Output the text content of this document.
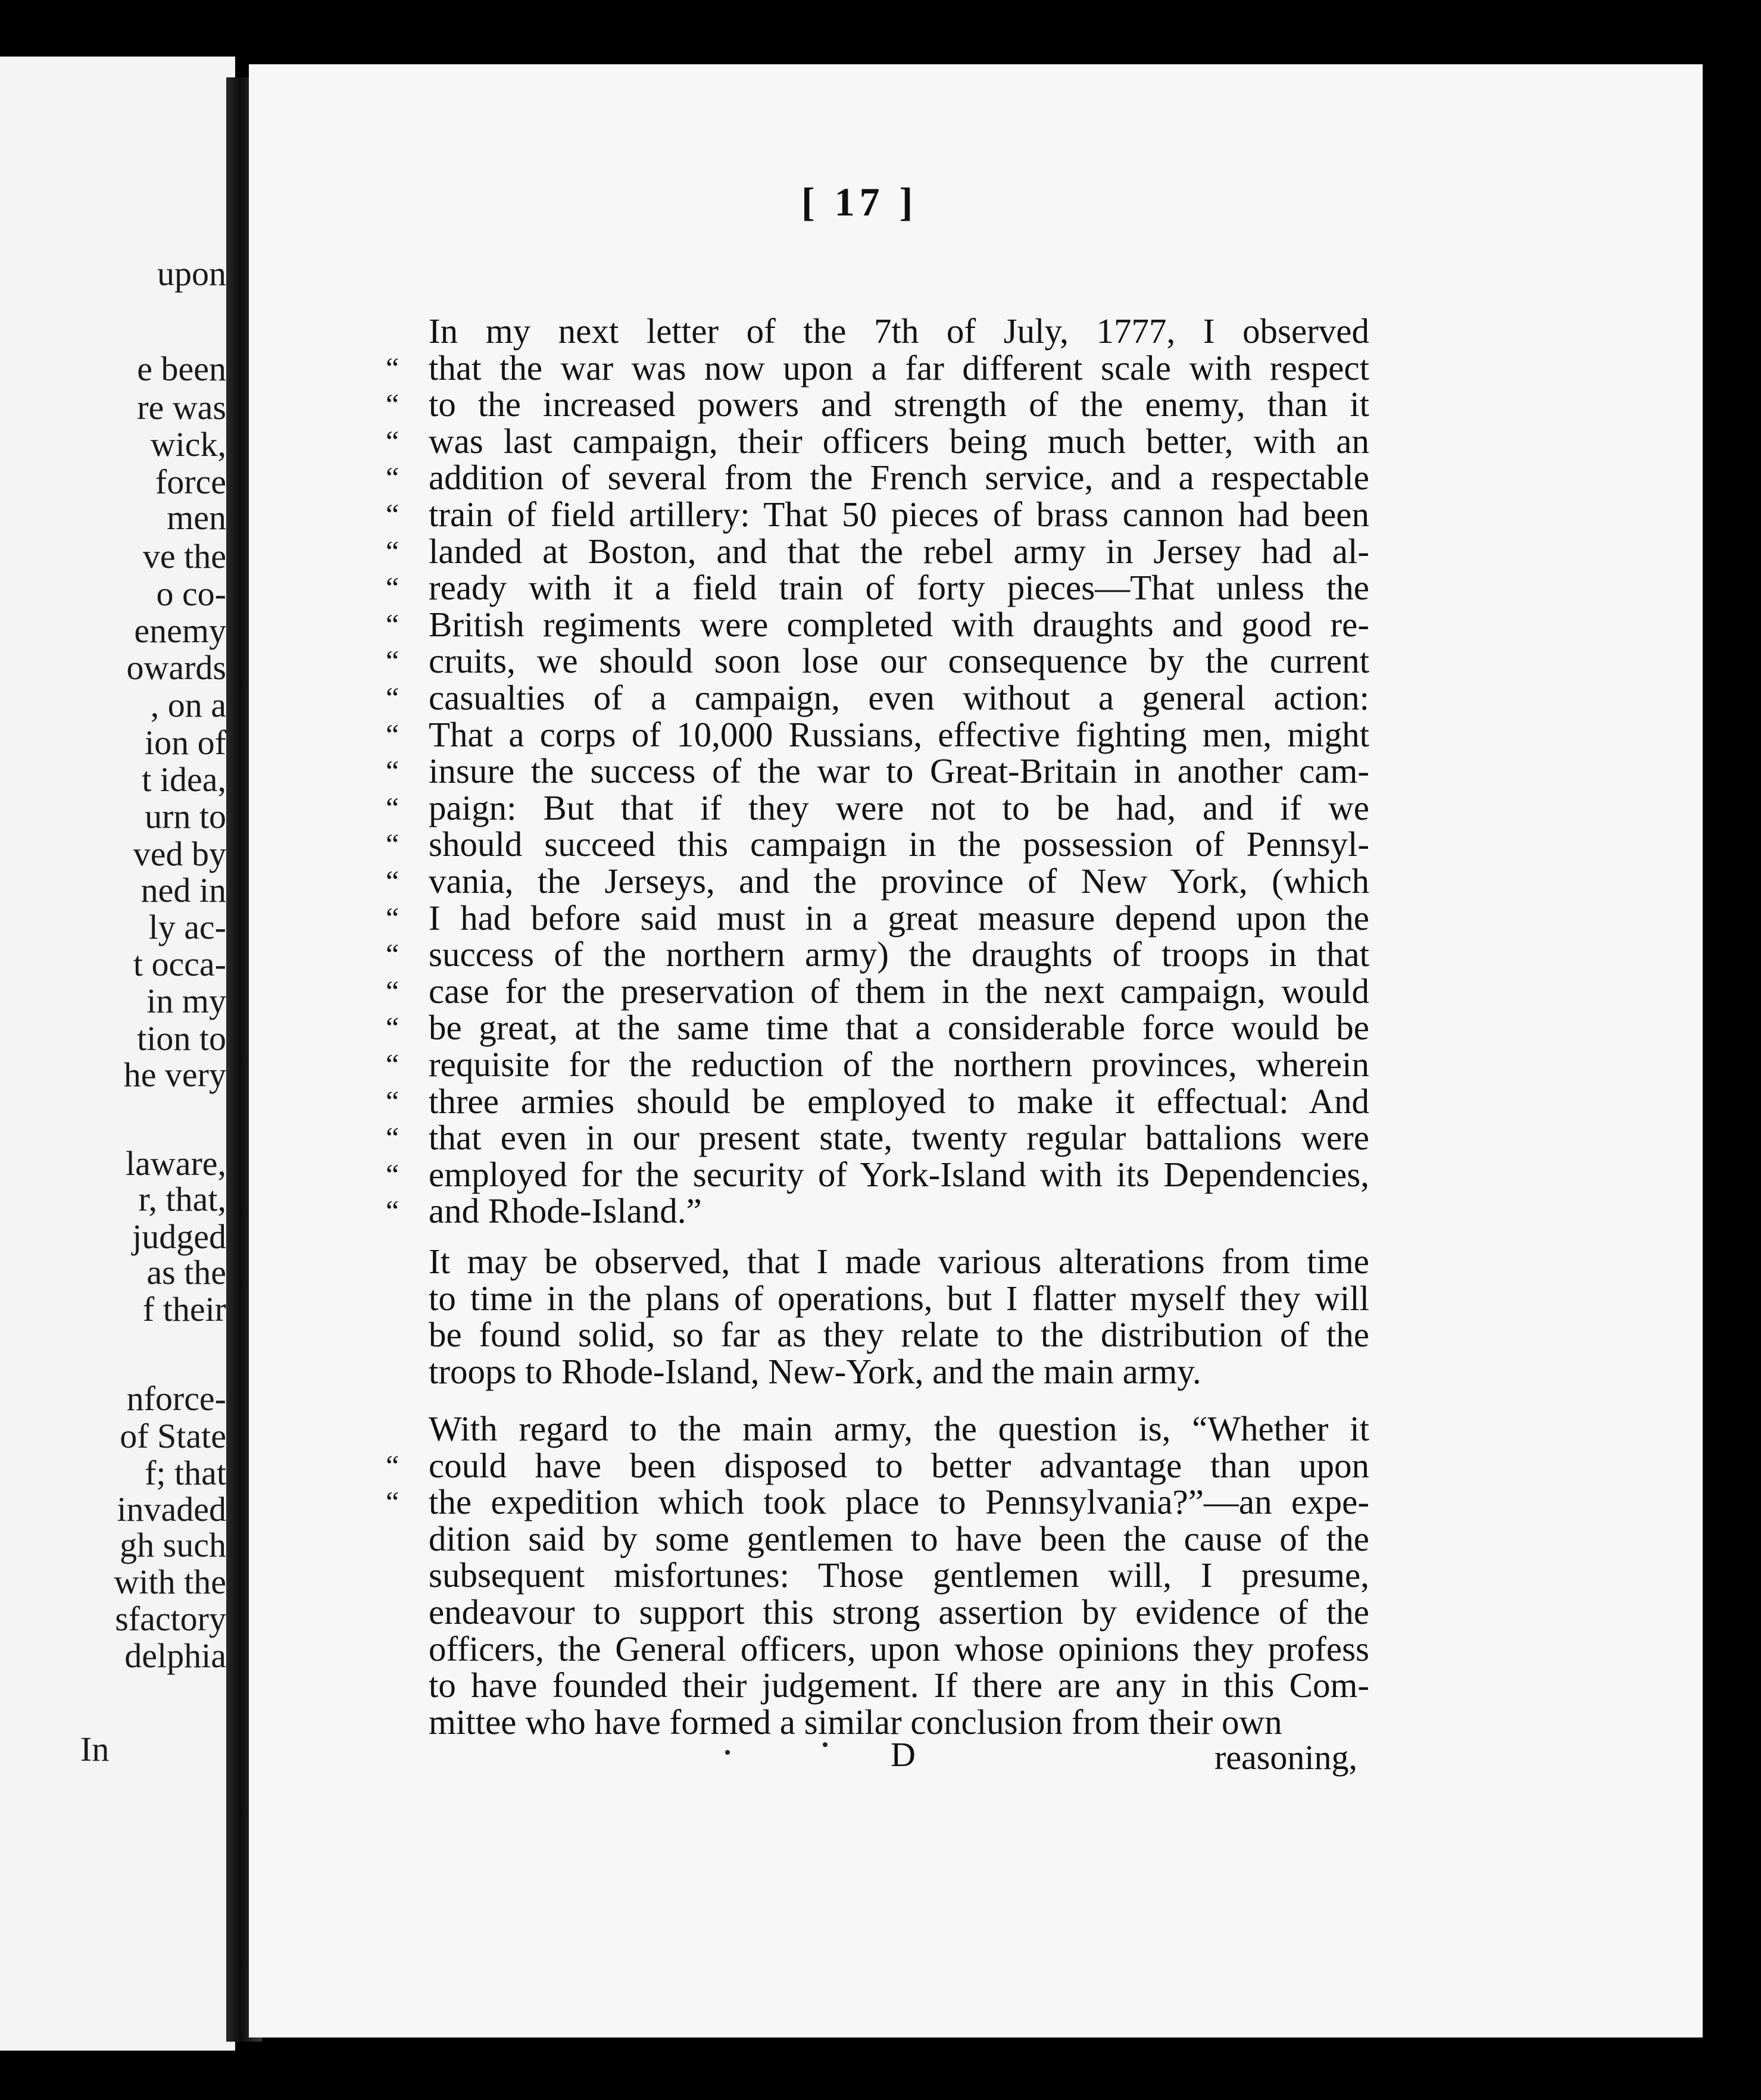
upon
e been
re was
wick,
force
men
ve the
o co-
enemy
owards
, on a
ion of
t idea,
urn to
ved by
ned in
ly ac-
t occa-
in my
tion to
he very
laware,
r, that,
judged
as the
f their
nforce-
of State
f; that
invaded
gh such
with the
sfactory
delphia
In
[ 17 ]
In my next letter of the 7th of July, 1777, I observed
that the war was now upon a far different scale with respect
“
to the increased powers and strength of the enemy, than it
“
was last campaign, their officers being much better, with an
“
addition of several from the French service, and a respectable
“
train of field artillery: That 50 pieces of brass cannon had been
“
landed at Boston, and that the rebel army in Jersey had al-
“
ready with it a field train of forty pieces—That unless the
“
British regiments were completed with draughts and good re-
“
cruits, we should soon lose our consequence by the current
“
casualties of a campaign, even without a general action:
“
That a corps of 10,000 Russians, effective fighting men, might
“
insure the success of the war to Great-Britain in another cam-
“
paign: But that if they were not to be had, and if we
“
should succeed this campaign in the possession of Pennsyl-
“
vania, the Jerseys, and the province of New York, (which
“
I had before said must in a great measure depend upon the
“
success of the northern army) the draughts of troops in that
“
case for the preservation of them in the next campaign, would
“
be great, at the same time that a considerable force would be
“
requisite for the reduction of the northern provinces, wherein
“
three armies should be employed to make it effectual: And
“
that even in our present state, twenty regular battalions were
“
employed for the security of York-Island with its Dependencies,
“
and Rhode-Island.”
“
It may be observed, that I made various alterations from time
to time in the plans of operations, but I flatter myself they will
be found solid, so far as they relate to the distribution of the
troops to Rhode-Island, New-York, and the main army.
With regard to the main army, the question is, “Whether it
could have been disposed to better advantage than upon
“
the expedition which took place to Pennsylvania?”—an expe-
“
dition said by some gentlemen to have been the cause of the
subsequent misfortunes: Those gentlemen will, I presume,
endeavour to support this strong assertion by evidence of the
officers, the General officers, upon whose opinions they profess
to have founded their judgement. If there are any in this Com-
mittee who have formed a similar conclusion from their own
D	reasoning,
